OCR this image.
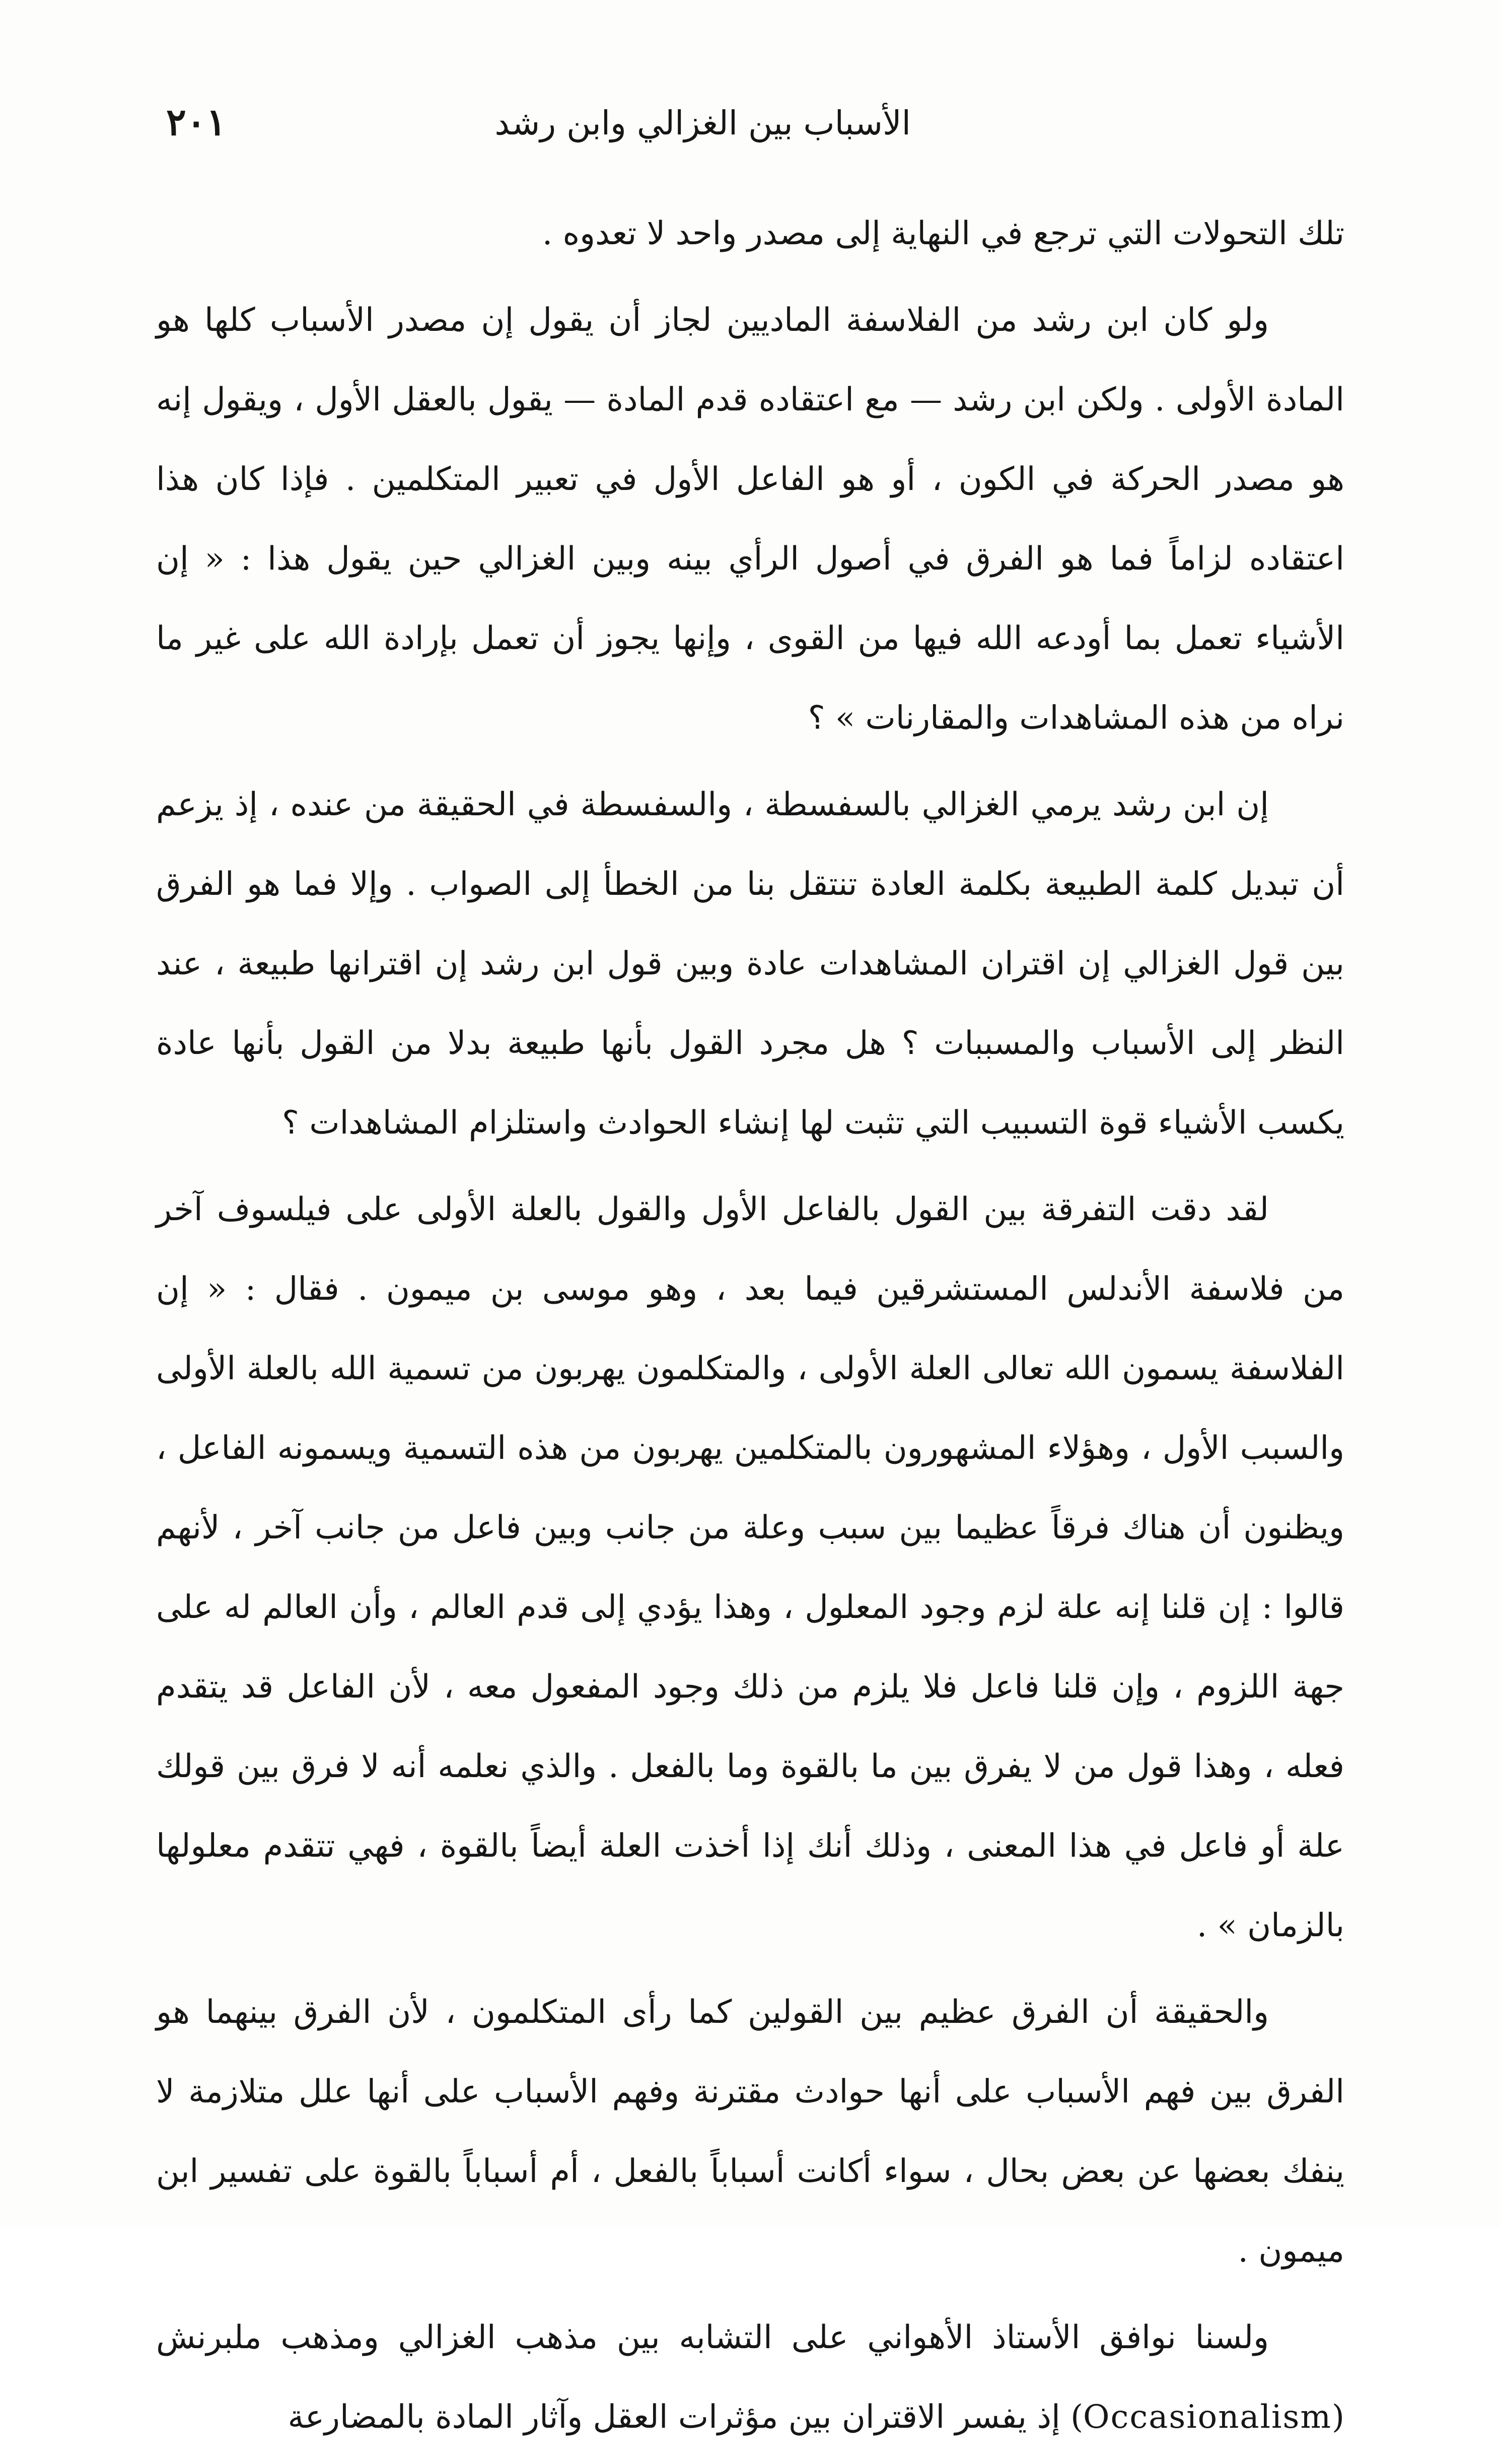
الأسباب بين الغزالي وابن رشد
٢٠١

تلك التحولات التي ترجع في النهاية إلى مصدر واحد لا تعدوه .

ولو كان ابن رشد من الفلاسفة الماديين لجاز أن يقول إن مصدر الأسباب كلها هو المادة الأولى . ولكن ابن رشد — مع اعتقاده قدم المادة — يقول بالعقل الأول ، ويقول إنه هو مصدر الحركة في الكون ، أو هو الفاعل الأول في تعبير المتكلمين . فإذا كان هذا اعتقاده لزاماً فما هو الفرق في أصول الرأي بينه وبين الغزالي حين يقول هذا : « إن الأشياء تعمل بما أودعه الله فيها من القوى ، وإنها يجوز أن تعمل بإرادة الله على غير ما نراه من هذه المشاهدات والمقارنات » ؟

إن ابن رشد يرمي الغزالي بالسفسطة ، والسفسطة في الحقيقة من عنده ، إذ يزعم أن تبديل كلمة الطبيعة بكلمة العادة تنتقل بنا من الخطأ إلى الصواب . وإلا فما هو الفرق بين قول الغزالي إن اقتران المشاهدات عادة وبين قول ابن رشد إن اقترانها طبيعة ، عند النظر إلى الأسباب والمسببات ؟ هل مجرد القول بأنها طبيعة بدلا من القول بأنها عادة يكسب الأشياء قوة التسبيب التي تثبت لها إنشاء الحوادث واستلزام المشاهدات ؟

لقد دقت التفرقة بين القول بالفاعل الأول والقول بالعلة الأولى على فيلسوف آخر من فلاسفة الأندلس المستشرقين فيما بعد ، وهو موسى بن ميمون . فقال : « إن الفلاسفة يسمون الله تعالى العلة الأولى ، والمتكلمون يهربون من تسمية الله بالعلة الأولى والسبب الأول ، وهؤلاء المشهورون بالمتكلمين يهربون من هذه التسمية ويسمونه الفاعل ، ويظنون أن هناك فرقاً عظيما بين سبب وعلة من جانب وبين فاعل من جانب آخر ، لأنهم قالوا : إن قلنا إنه علة لزم وجود المعلول ، وهذا يؤدي إلى قدم العالم ، وأن العالم له على جهة اللزوم ، وإن قلنا فاعل فلا يلزم من ذلك وجود المفعول معه ، لأن الفاعل قد يتقدم فعله ، وهذا قول من لا يفرق بين ما بالقوة وما بالفعل . والذي نعلمه أنه لا فرق بين قولك علة أو فاعل في هذا المعنى ، وذلك أنك إذا أخذت العلة أيضاً بالقوة ، فهي تتقدم معلولها بالزمان » .

والحقيقة أن الفرق عظيم بين القولين كما رأى المتكلمون ، لأن الفرق بينهما هو الفرق بين فهم الأسباب على أنها حوادث مقترنة وفهم الأسباب على أنها علل متلازمة لا ينفك بعضها عن بعض بحال ، سواء أكانت أسباباً بالفعل ، أم أسباباً بالقوة على تفسير ابن ميمون .

ولسنا نوافق الأستاذ الأهواني على التشابه بين مذهب الغزالي ومذهب ملبرنش (Occasionalism) إذ يفسر الاقتران بين مؤثرات العقل وآثار المادة بالمضارعة
